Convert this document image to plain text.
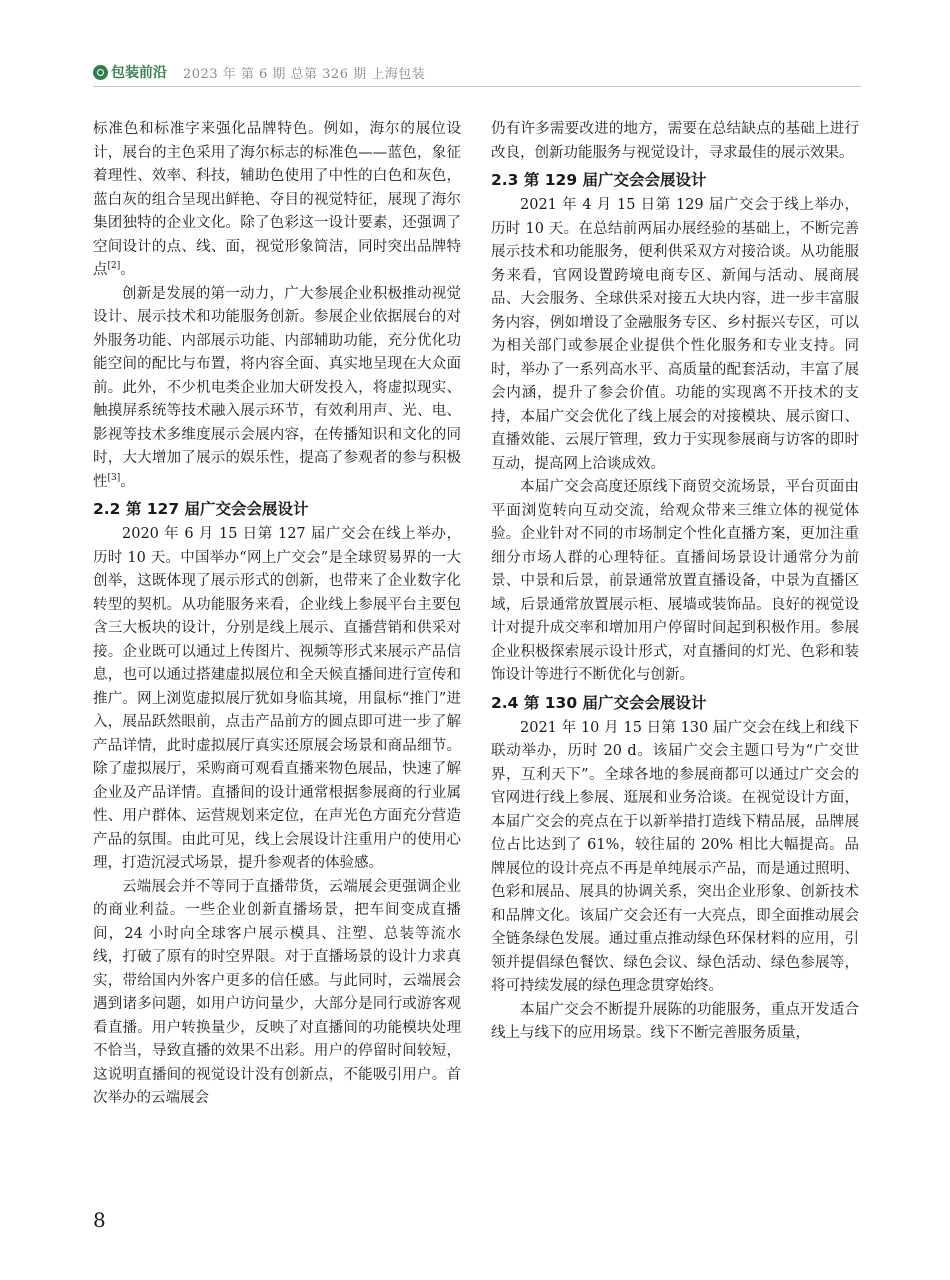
包装前沿 2023 年 第 6 期 总第 326 期 上海包装

标准色和标准字来强化品牌特色。例如，海尔的展位设计，展台的主色采用了海尔标志的标准色——蓝色，象征着理性、效率、科技，辅助色使用了中性的白色和灰色，蓝白灰的组合呈现出鲜艳、夺目的视觉特征，展现了海尔集团独特的企业文化。除了色彩这一设计要素，还强调了空间设计的点、线、面，视觉形象简洁，同时突出品牌特点[2]。

创新是发展的第一动力，广大参展企业积极推动视觉设计、展示技术和功能服务创新。参展企业依据展台的对外服务功能、内部展示功能、内部辅助功能，充分优化功能空间的配比与布置，将内容全面、真实地呈现在大众面前。此外，不少机电类企业加大研发投入，将虚拟现实、触摸屏系统等技术融入展示环节，有效利用声、光、电、影视等技术多维度展示会展内容，在传播知识和文化的同时，大大增加了展示的娱乐性，提高了参观者的参与积极性[3]。

2.2 第 127 届广交会会展设计

2020 年 6 月 15 日第 127 届广交会在线上举办，历时 10 天。中国举办“网上广交会”是全球贸易界的一大创举，这既体现了展示形式的创新，也带来了企业数字化转型的契机。从功能服务来看，企业线上参展平台主要包含三大板块的设计，分别是线上展示、直播营销和供采对接。企业既可以通过上传图片、视频等形式来展示产品信息，也可以通过搭建虚拟展位和全天候直播间进行宣传和推广。网上浏览虚拟展厅犹如身临其境，用鼠标“推门”进入，展品跃然眼前，点击产品前方的圆点即可进一步了解产品详情，此时虚拟展厅真实还原展会场景和商品细节。除了虚拟展厅，采购商可观看直播来物色展品，快速了解企业及产品详情。直播间的设计通常根据参展商的行业属性、用户群体、运营规划来定位，在声光色方面充分营造产品的氛围。由此可见，线上会展设计注重用户的使用心理，打造沉浸式场景，提升参观者的体验感。

云端展会并不等同于直播带货，云端展会更强调企业的商业利益。一些企业创新直播场景，把车间变成直播间，24 小时向全球客户展示模具、注塑、总装等流水线，打破了原有的时空界限。对于直播场景的设计力求真实，带给国内外客户更多的信任感。与此同时，云端展会遇到诸多问题，如用户访问量少，大部分是同行或游客观看直播。用户转换量少，反映了对直播间的功能模块处理不恰当，导致直播的效果不出彩。用户的停留时间较短，这说明直播间的视觉设计没有创新点，不能吸引用户。首次举办的云端展会

仍有许多需要改进的地方，需要在总结缺点的基础上进行改良，创新功能服务与视觉设计，寻求最佳的展示效果。

2.3 第 129 届广交会会展设计

2021 年 4 月 15 日第 129 届广交会于线上举办，历时 10 天。在总结前两届办展经验的基础上，不断完善展示技术和功能服务，便利供采双方对接洽谈。从功能服务来看，官网设置跨境电商专区、新闻与活动、展商展品、大会服务、全球供采对接五大块内容，进一步丰富服务内容，例如增设了金融服务专区、乡村振兴专区，可以为相关部门或参展企业提供个性化服务和专业支持。同时，举办了一系列高水平、高质量的配套活动，丰富了展会内涵，提升了参会价值。功能的实现离不开技术的支持，本届广交会优化了线上展会的对接模块、展示窗口、直播效能、云展厅管理，致力于实现参展商与访客的即时互动，提高网上洽谈成效。

本届广交会高度还原线下商贸交流场景，平台页面由平面浏览转向互动交流，给观众带来三维立体的视觉体验。企业针对不同的市场制定个性化直播方案，更加注重细分市场人群的心理特征。直播间场景设计通常分为前景、中景和后景，前景通常放置直播设备，中景为直播区域，后景通常放置展示柜、展墙或装饰品。良好的视觉设计对提升成交率和增加用户停留时间起到积极作用。参展企业积极探索展示设计形式，对直播间的灯光、色彩和装饰设计等进行不断优化与创新。

2.4 第 130 届广交会会展设计

2021 年 10 月 15 日第 130 届广交会在线上和线下联动举办，历时 20 d。该届广交会主题口号为“广交世界，互利天下”。全球各地的参展商都可以通过广交会的官网进行线上参展、逛展和业务洽谈。在视觉设计方面，本届广交会的亮点在于以新举措打造线下精品展，品牌展位占比达到了 61%，较往届的 20% 相比大幅提高。品牌展位的设计亮点不再是单纯展示产品，而是通过照明、色彩和展品、展具的协调关系，突出企业形象、创新技术和品牌文化。该届广交会还有一大亮点，即全面推动展会全链条绿色发展。通过重点推动绿色环保材料的应用，引领并提倡绿色餐饮、绿色会议、绿色活动、绿色参展等，将可持续发展的绿色理念贯穿始终。

本届广交会不断提升展陈的功能服务，重点开发适合线上与线下的应用场景。线下不断完善服务质量，

8
